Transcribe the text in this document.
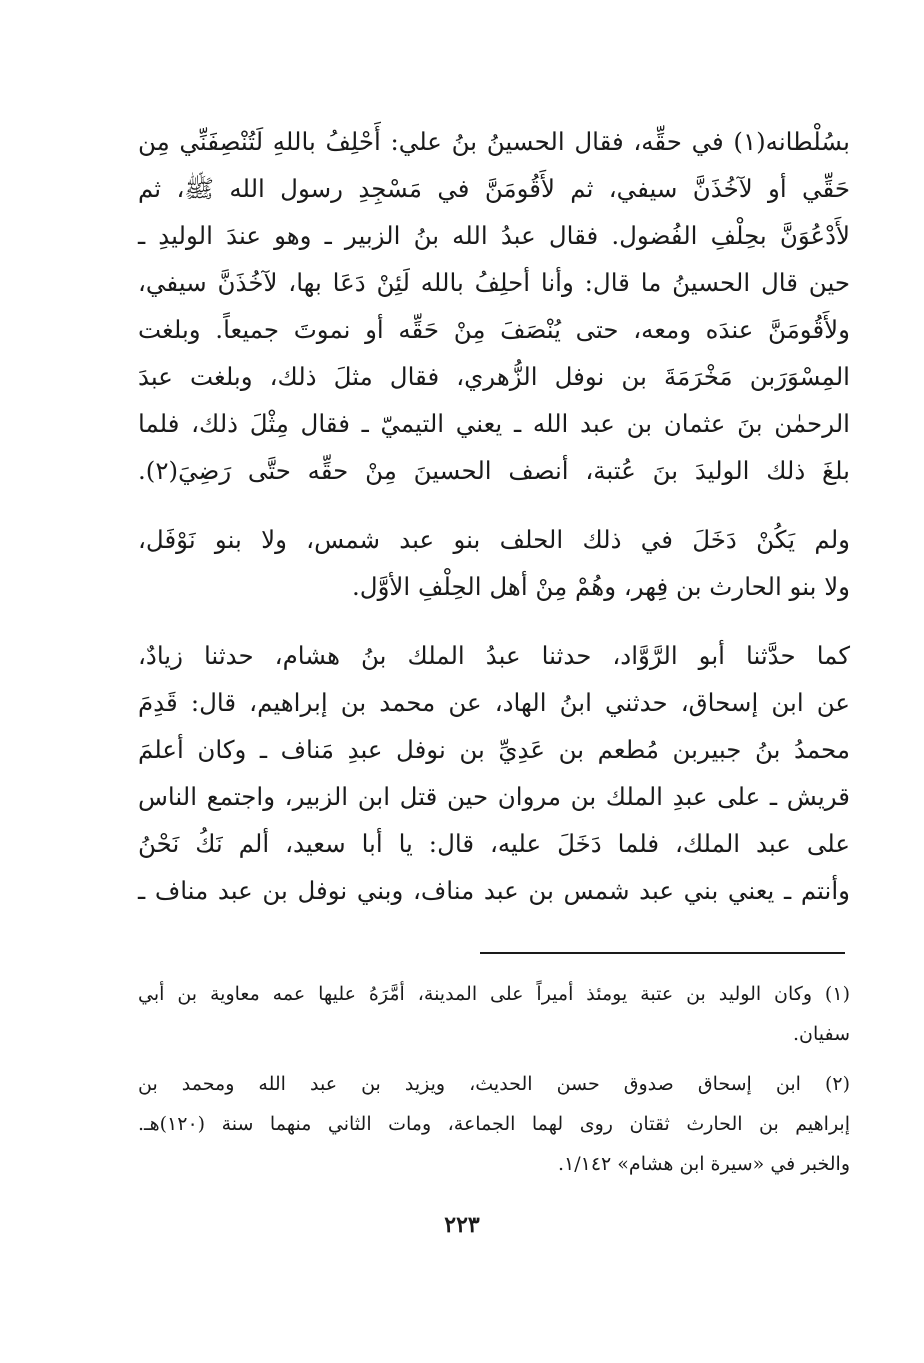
بسُلْطانه(١) في حقِّه، فقال الحسينُ بنُ علي: أَحْلِفُ باللهِ لَتُنْصِفَنِّي مِن
حَقِّي أو لآخُذَنَّ سيفي، ثم لأَقُومَنَّ في مَسْجِدِ رسول الله ﷺ، ثم
لأَدْعُوَنَّ بحِلْفِ الفُضول. فقال عبدُ الله بنُ الزبير ـ وهو عندَ الوليدِ ـ
حين قال الحسينُ ما قال: وأنا أحلِفُ بالله لَئِنْ دَعَا بها، لآخُذَنَّ سيفي،
ولأَقُومَنَّ عندَه ومعه، حتى يُنْصَفَ مِنْ حَقِّه أو نموتَ جميعاً. وبلغت
المِسْوَرَبن مَخْرَمَةَ بن نوفل الزُّهري، فقال مثلَ ذلك، وبلغت عبدَ
الرحمٰن بنَ عثمان بن عبد الله ـ يعني التيميّ ـ فقال مِثْلَ ذلك، فلما
بلغَ ذلك الوليدَ بنَ عُتبة، أنصف الحسينَ مِنْ حقِّه حتَّى رَضِيَ(٢).

ولم يَكُنْ دَخَلَ في ذلك الحلف بنو عبد شمس، ولا بنو نَوْفَل،
ولا بنو الحارث بن فِهر، وهُمْ مِنْ أهل الحِلْفِ الأوَّل.

كما حدَّثنا أبو الرَّوَّاد، حدثنا عبدُ الملك بنُ هشام، حدثنا زيادٌ،
عن ابن إسحاق، حدثني ابنُ الهاد، عن محمد بن إبراهيم، قال: قَدِمَ
محمدُ بنُ جبيربن مُطعم بن عَدِيِّ بن نوفل عبدِ مَناف ـ وكان أعلمَ
قريش ـ على عبدِ الملك بن مروان حين قتل ابن الزبير، واجتمع الناس
على عبد الملك، فلما دَخَلَ عليه، قال: يا أبا سعيد، ألم نَكُ نَحْنُ
وأنتم ـ يعني بني عبد شمس بن عبد مناف، وبني نوفل بن عبد مناف ـ

(١) وكان الوليد بن عتبة يومئذ أميراً على المدينة، أمَّرَهُ عليها عمه معاوية بن أبي
سفيان.

(٢) ابن إسحاق صدوق حسن الحديث، ويزيد بن عبد الله ومحمد بن
إبراهيم بن الحارث ثقتان روى لهما الجماعة، ومات الثاني منهما سنة (١٢٠)هـ.
والخبر في «سيرة ابن هشام» ١/١٤٢.

٢٢٣
